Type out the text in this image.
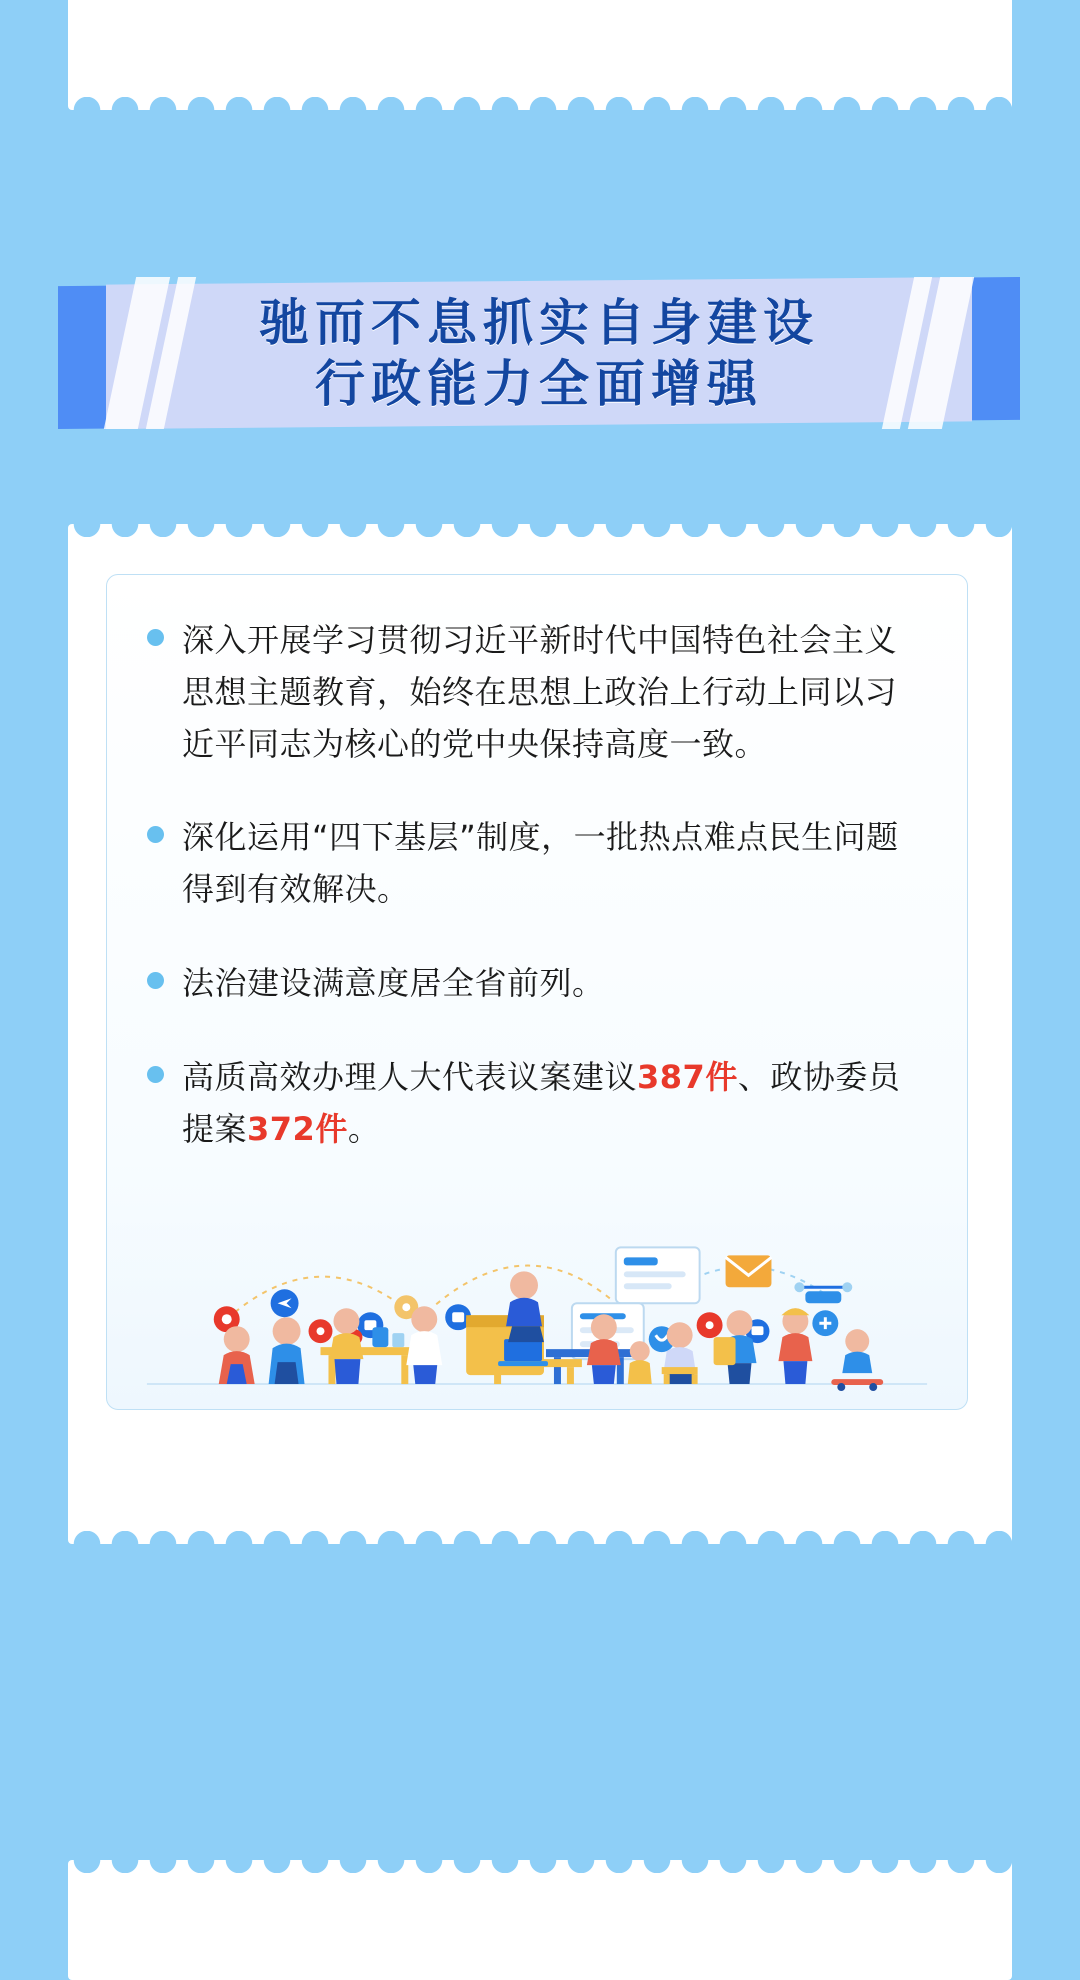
驰而不息抓实自身建设
行政能力全面增强
深入开展学习贯彻习近平新时代中国特色社会主义思想主题教育，始终在思想上政治上行动上同以习近平同志为核心的党中央保持高度一致。
深化运用“四下基层”制度，一批热点难点民生问题得到有效解决。
法治建设满意度居全省前列。
高质高效办理人大代表议案建议387件、政协委员提案372件。
